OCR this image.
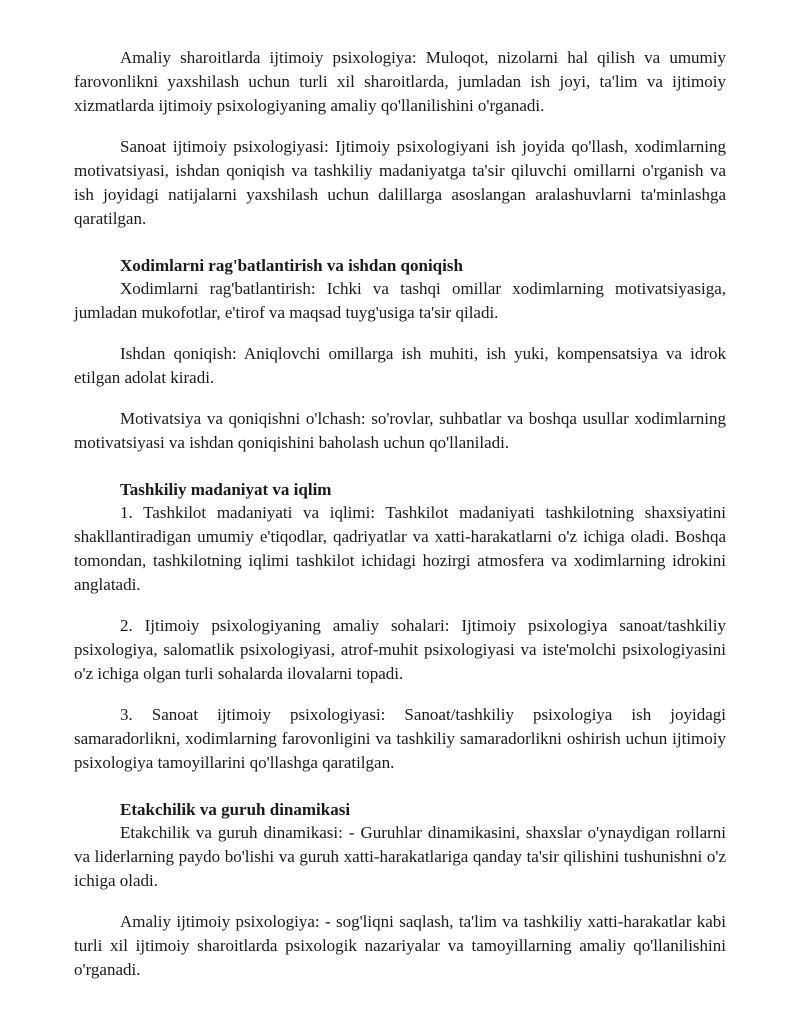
Amaliy sharoitlarda ijtimoiy psixologiya: Muloqot, nizolarni hal qilish va umumiy farovonlikni yaxshilash uchun turli xil sharoitlarda, jumladan ish joyi, ta'lim va ijtimoiy xizmatlarda ijtimoiy psixologiyaning amaliy qo'llanilishini o'rganadi.

Sanoat ijtimoiy psixologiyasi: Ijtimoiy psixologiyani ish joyida qo'llash, xodimlarning motivatsiyasi, ishdan qoniqish va tashkiliy madaniyatga ta'sir qiluvchi omillarni o'rganish va ish joyidagi natijalarni yaxshilash uchun dalillarga asoslangan aralashuvlarni ta'minlashga qaratilgan.

Xodimlarni rag'batlantirish va ishdan qoniqish

Xodimlarni rag'batlantirish: Ichki va tashqi omillar xodimlarning motivatsiyasiga, jumladan mukofotlar, e'tirof va maqsad tuyg'usiga ta'sir qiladi.

Ishdan qoniqish: Aniqlovchi omillarga ish muhiti, ish yuki, kompensatsiya va idrok etilgan adolat kiradi.

Motivatsiya va qoniqishni o'lchash: so'rovlar, suhbatlar va boshqa usullar xodimlarning motivatsiyasi va ishdan qoniqishini baholash uchun qo'llaniladi.

Tashkiliy madaniyat va iqlim

1. Tashkilot madaniyati va iqlimi: Tashkilot madaniyati tashkilotning shaxsiyatini shakllantiradigan umumiy e'tiqodlar, qadriyatlar va xatti-harakatlarni o'z ichiga oladi. Boshqa tomondan, tashkilotning iqlimi tashkilot ichidagi hozirgi atmosfera va xodimlarning idrokini anglatadi.

2. Ijtimoiy psixologiyaning amaliy sohalari: Ijtimoiy psixologiya sanoat/tashkiliy psixologiya, salomatlik psixologiyasi, atrof-muhit psixologiyasi va iste'molchi psixologiyasini o'z ichiga olgan turli sohalarda ilovalarni topadi.

3. Sanoat ijtimoiy psixologiyasi: Sanoat/tashkiliy psixologiya ish joyidagi samaradorlikni, xodimlarning farovonligini va tashkiliy samaradorlikni oshirish uchun ijtimoiy psixologiya tamoyillarini qo'llashga qaratilgan.

Etakchilik va guruh dinamikasi

Etakchilik va guruh dinamikasi: - Guruhlar dinamikasini, shaxslar o'ynaydigan rollarni va liderlarning paydo bo'lishi va guruh xatti-harakatlariga qanday ta'sir qilishini tushunishni o'z ichiga oladi.

Amaliy ijtimoiy psixologiya: - sog'liqni saqlash, ta'lim va tashkiliy xatti-harakatlar kabi turli xil ijtimoiy sharoitlarda psixologik nazariyalar va tamoyillarning amaliy qo'llanilishini o'rganadi.
